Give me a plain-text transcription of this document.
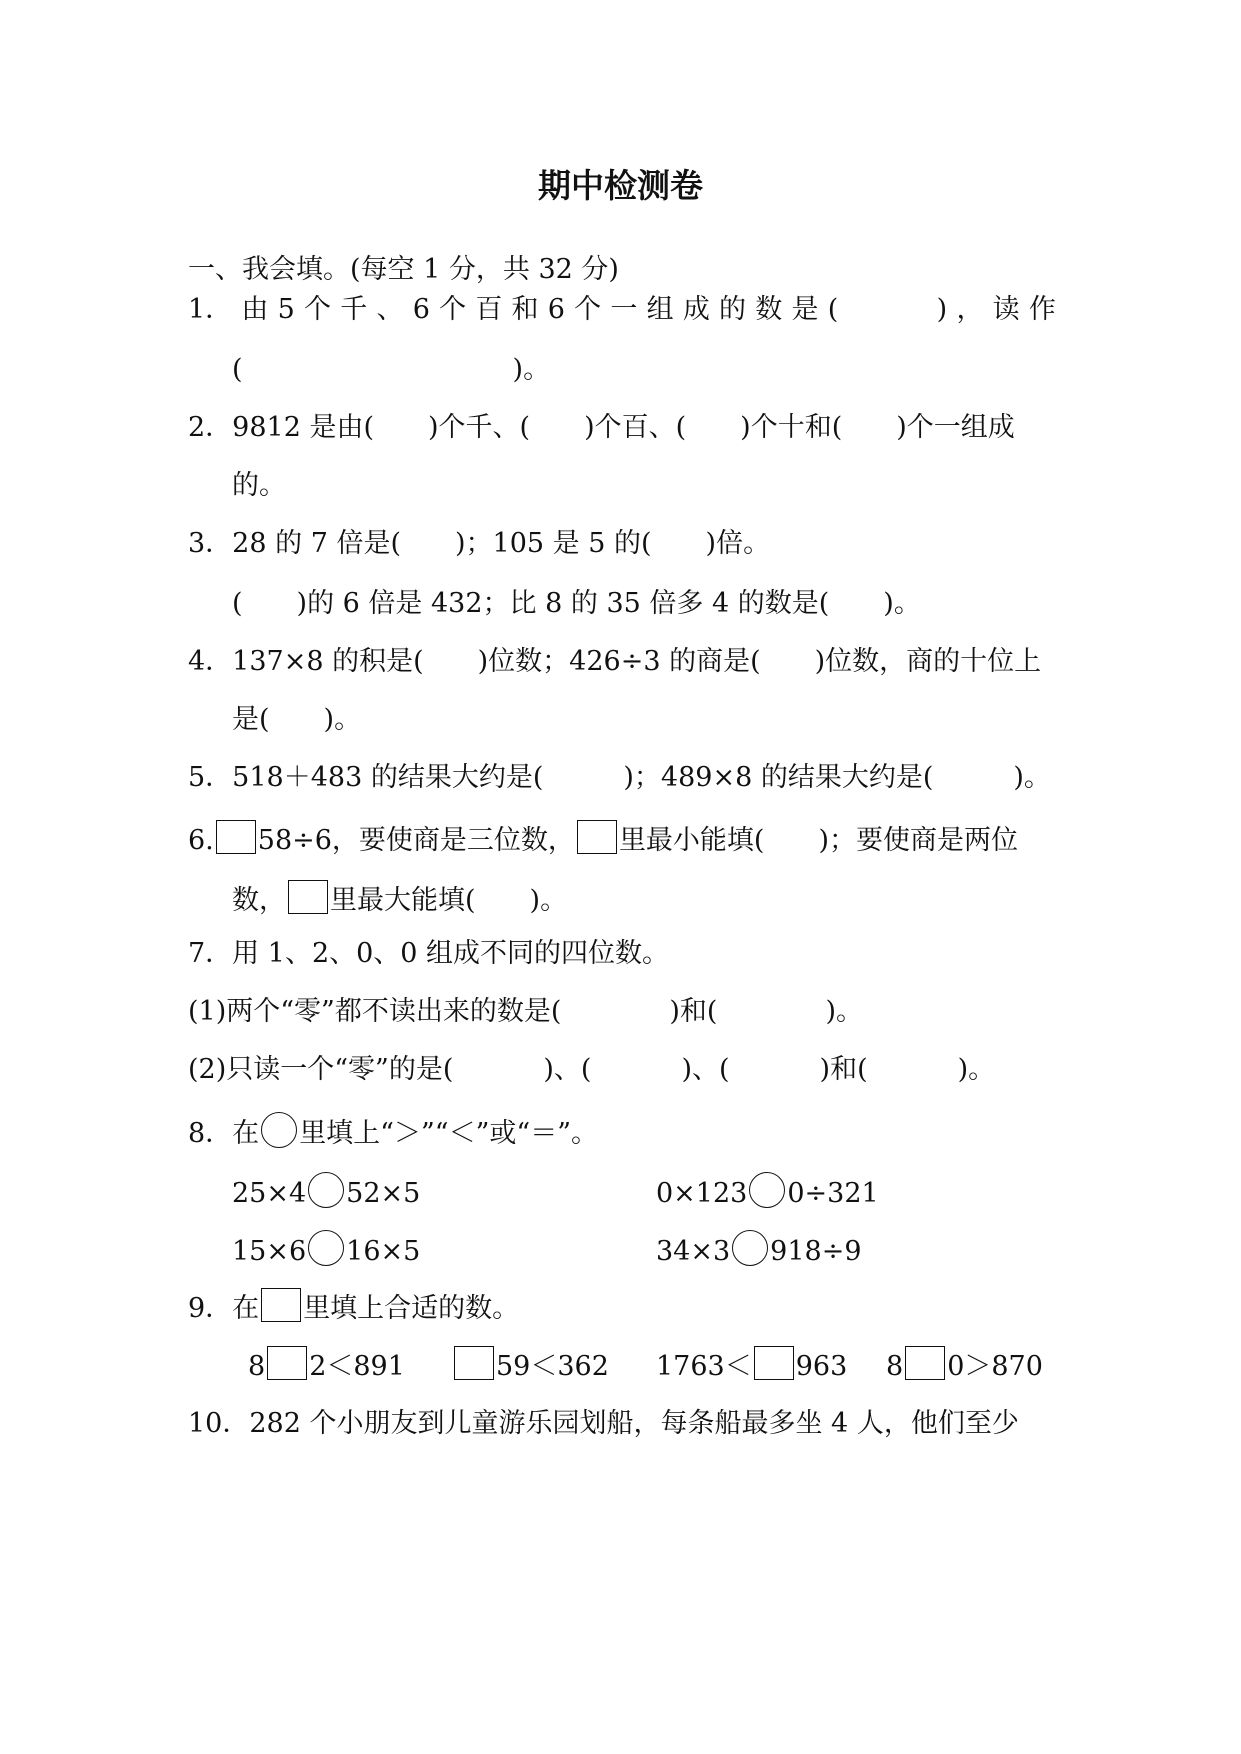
期中检测卷
一、我会填。(每空 1 分，共 32 分)
1． 由 5 个 千 、 6 个 百 和 6 个 一 组 成 的 数 是 (	) ， 读 作
(	)。
2．9812 是由( )个千、( )个百、( )个十和( )个一组成
的。
3．28 的 7 倍是( )；105 是 5 的( )倍。
( )的 6 倍是 432；比 8 的 35 倍多 4 的数是( )。
4．137×8 的积是( )位数；426÷3 的商是( )位数，商的十位上
是( )。
5．518＋483 的结果大约是(	)；489×8 的结果大约是(	)。
6. 58÷6，要使商是三位数， 里最小能填( )；要使商是两位
数， 里最大能填( )。
7．用 1、2、0、0 组成不同的四位数。
(1)两个“零”都不读出来的数是(	)和(	)。
(2)只读一个“零”的是(	)、(	)、(	)和(	)。
8．在 里填上“＞”“＜”或“＝”。
25×4 52×5	0×123 0÷321
15×6 16×5	34×3 918÷9
9．在 里填上合适的数。
8 2＜891	59＜362 1763＜ 963 8 0＞870
10．282 个小朋友到儿童游乐园划船，每条船最多坐 4 人，他们至少
